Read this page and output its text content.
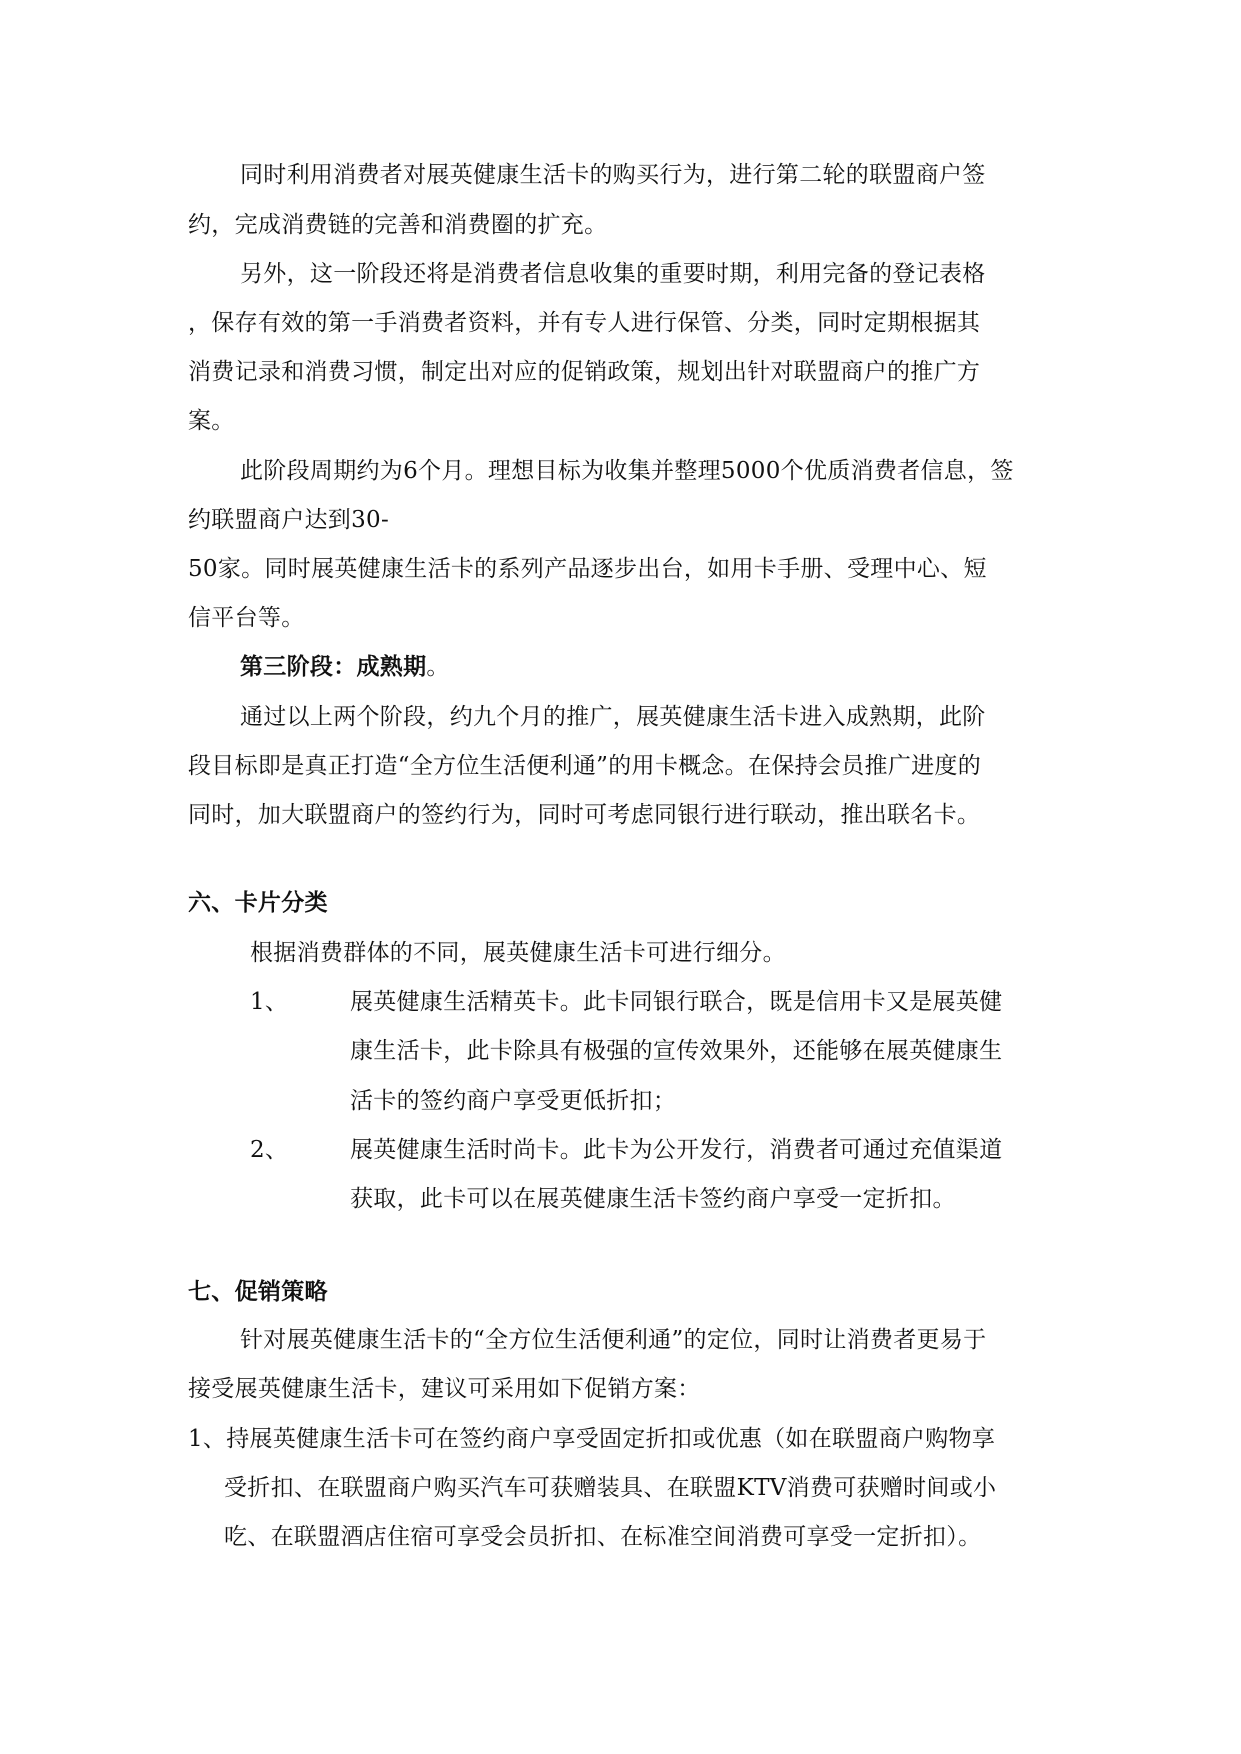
同时利用消费者对展英健康生活卡的购买行为，进行第二轮的联盟商户签
约，完成消费链的完善和消费圈的扩充。
另外，这一阶段还将是消费者信息收集的重要时期，利用完备的登记表格
，保存有效的第一手消费者资料，并有专人进行保管、分类，同时定期根据其
消费记录和消费习惯，制定出对应的促销政策，规划出针对联盟商户的推广方
案。
此阶段周期约为6个月。理想目标为收集并整理5000个优质消费者信息，签
约联盟商户达到30-
50家。同时展英健康生活卡的系列产品逐步出台，如用卡手册、受理中心、短
信平台等。
第三阶段：成熟期。
通过以上两个阶段，约九个月的推广，展英健康生活卡进入成熟期，此阶
段目标即是真正打造“全方位生活便利通”的用卡概念。在保持会员推广进度的
同时，加大联盟商户的签约行为，同时可考虑同银行进行联动，推出联名卡。
六、卡片分类
根据消费群体的不同，展英健康生活卡可进行细分。
1、	展英健康生活精英卡。此卡同银行联合，既是信用卡又是展英健
康生活卡，此卡除具有极强的宣传效果外，还能够在展英健康生
活卡的签约商户享受更低折扣；
2、	展英健康生活时尚卡。此卡为公开发行，消费者可通过充值渠道
获取，此卡可以在展英健康生活卡签约商户享受一定折扣。
七、促销策略
针对展英健康生活卡的“全方位生活便利通”的定位，同时让消费者更易于
接受展英健康生活卡，建议可采用如下促销方案：
1、持展英健康生活卡可在签约商户享受固定折扣或优惠（如在联盟商户购物享
受折扣、在联盟商户购买汽车可获赠装具、在联盟KTV消费可获赠时间或小
吃、在联盟酒店住宿可享受会员折扣、在标准空间消费可享受一定折扣）。
